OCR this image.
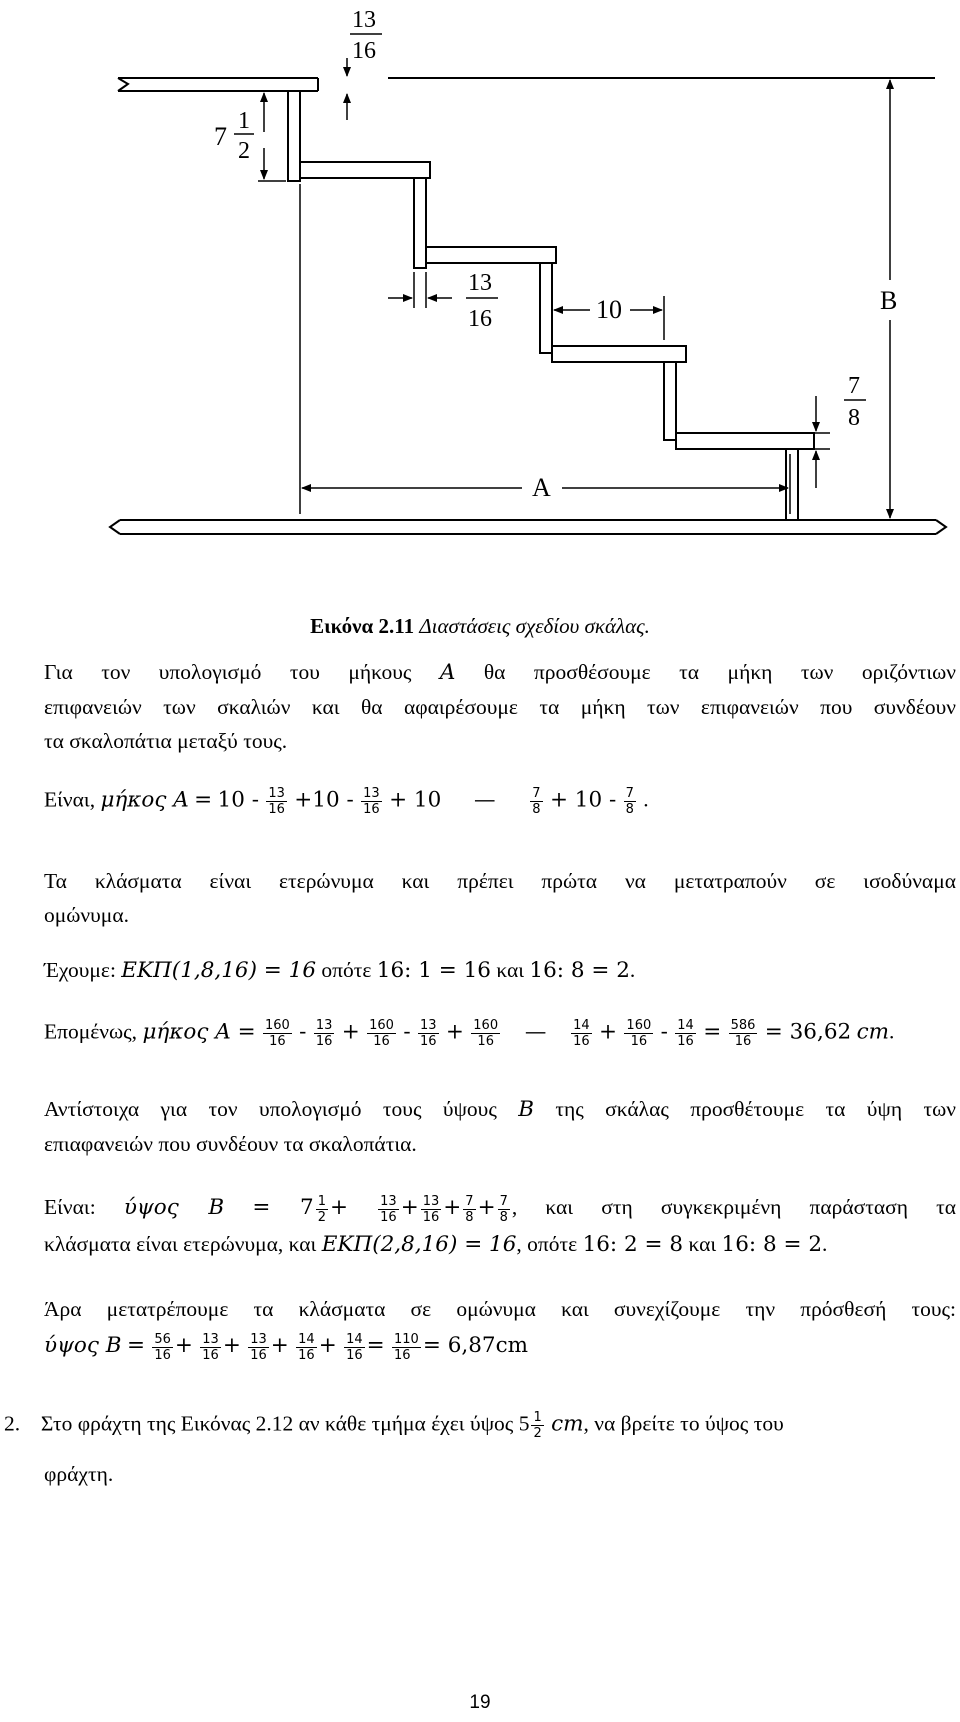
7
1
2
13
16
13
16	10
7
8
B
A
Εικόνα 2.11 Διαστάσεις σχεδίου σκάλας.
Για τον υπολογισμό του μήκους A θα προσθέσουμε τα μήκη των οριζόντιων
επιφανειών των σκαλιών και θα αφαιρέσουμε τα μήκη των επιφανειών που συνδέουν
τα σκαλοπάτια μεταξύ τους.
Είναι, μήκος $A = 10 - \frac{13}{16} +10 - \frac{13}{16} + 10$ —	$\frac{7}{8} + 10 - \frac{7}{8}$ .
Τα κλάσματα είναι ετερώνυμα και πρέπει πρώτα να μετατραπούν σε ισοδύναμα
ομώνυμα.
Έχουμε: ΕΚΠ(1,8,16) = 16 οπότε 16: 1 = 16 και 16: 8 = 2.
Επομένως, μήκος $A = \frac{160}{16} - \frac{13}{16} + \frac{160}{16} - \frac{13}{16} + \frac{160}{16}$ — $\frac{14}{16} + \frac{160}{16} - \frac{14}{16} = \frac{586}{16} = 36,62$ cm.
Αντίστοιχα για τον υπολογισμό τους ύψους B της σκάλας προσθέτουμε τα ύψη των
επιαφανειών που συνδέουν τα σκαλοπάτια.
Είναι: ύψος $B = 7 \frac{1}{2} + \frac{13}{16} + \frac{13}{16} + \frac{7}{8} + \frac{7}{8}$ , και στη συγκεκριμένη παράσταση τα
κλάσματα είναι ετερώνυμα, και ΕΚΠ(2,8,16) = 16, οπότε 16: 2 = 8 και 16: 8 = 2.
Άρα μετατρέπουμε τα κλάσματα σε ομώνυμα και συνεχίζουμε την πρόσθεσή τους:
ύψος $B = \frac{56}{16} + \frac{13}{16} + \frac{13}{16} + \frac{14}{16} + \frac{14}{16} = \frac{110}{16} = 6,87cm$
2. Στο φράχτη της Εικόνας 2.12 αν κάθε τμήμα έχει ύψος $5 \frac{1}{2}$ cm, να βρείτε το ύψος του
φράχτη.
19
